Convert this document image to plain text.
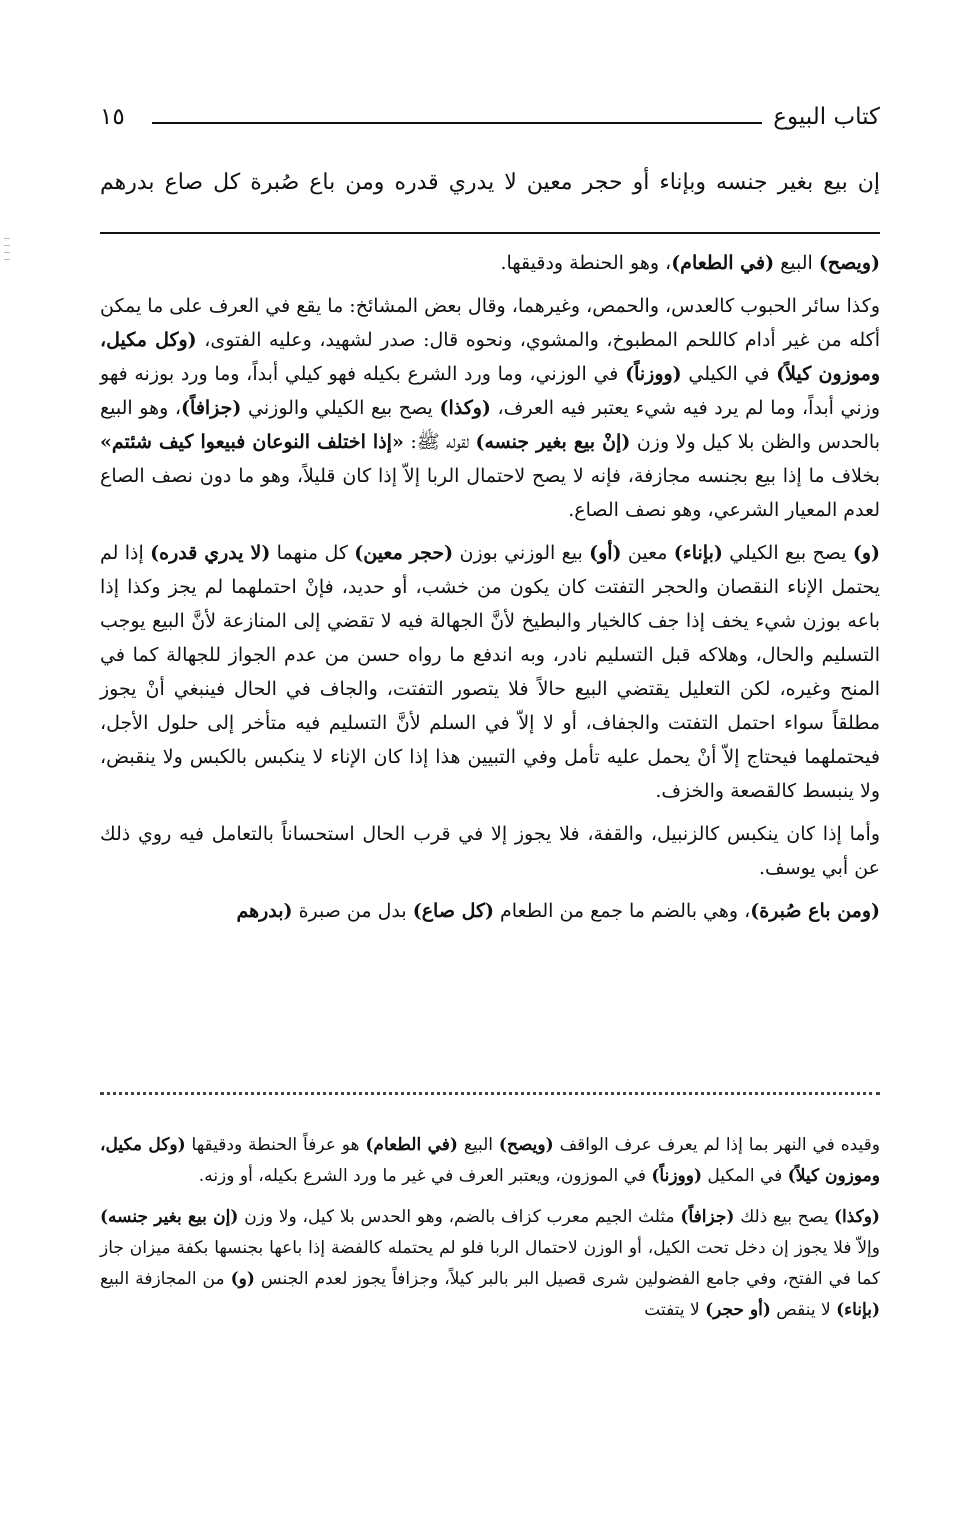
كتاب البيوع
١٥
إن بيع بغير جنسه وبإناء أو حجر معين لا يدري قدره ومن باع صُبرة كل صاع بدرهم

(ويصح) البيع (في الطعام)، وهو الحنطة ودقيقها.

وكذا سائر الحبوب كالعدس، والحمص، وغيرهما، وقال بعض المشائخ: ما يقع في العرف على ما يمكن أكله من غير أدام كاللحم المطبوخ، والمشوي، ونحوه قال: صدر لشهيد، وعليه الفتوى، (وكل مكيل، وموزون كيلاً) في الكيلي (ووزناً) في الوزني، وما ورد الشرع بكيله فهو كيلي أبداً، وما ورد بوزنه فهو وزني أبداً، وما لم يرد فيه شيء يعتبر فيه العرف، (وكذا) يصح بيع الكيلي والوزني (جزافاً)، وهو البيع بالحدس والظن بلا كيل ولا وزن (إنْ بيع بغير جنسه) لقوله ﷺ: «إذا اختلف النوعان فبيعوا كيف شئتم» بخلاف ما إذا بيع بجنسه مجازفة، فإنه لا يصح لاحتمال الربا إلاّ إذا كان قليلاً، وهو ما دون نصف الصاع لعدم المعيار الشرعي، وهو نصف الصاع.

(و) يصح بيع الكيلي (بإناء) معين (أو) بيع الوزني بوزن (حجر معين) كل منهما (لا يدري قدره) إذا لم يحتمل الإناء النقصان والحجر التفتت كان يكون من خشب، أو حديد، فإنْ احتملهما لم يجز وكذا إذا باعه بوزن شيء يخف إذا جف كالخيار والبطيخ لأنَّ الجهالة فيه لا تقضي إلى المنازعة لأنَّ البيع يوجب التسليم والحال، وهلاكه قبل التسليم نادر، وبه اندفع ما رواه حسن من عدم الجواز للجهالة كما في المنح وغيره، لكن التعليل يقتضي البيع حالاً فلا يتصور التفتت، والجاف في الحال فينبغي أنْ يجوز مطلقاً سواء احتمل التفتت والجفاف، أو لا إلاّ في السلم لأنَّ التسليم فيه متأخر إلى حلول الأجل، فيحتملهما فيحتاج إلاّ أنْ يحمل عليه تأمل وفي التبيين هذا إذا كان الإناء لا ينكبس بالكبس ولا ينقبض، ولا ينبسط كالقصعة والخزف.

وأما إذا كان ينكبس كالزنبيل، والقفة، فلا يجوز إلا في قرب الحال استحساناً بالتعامل فيه روي ذلك عن أبي يوسف.

(ومن باع صُبرة)، وهي بالضم ما جمع من الطعام (كل صاع) بدل من صبرة (بدرهم

وقيده في النهر بما إذا لم يعرف عرف الواقف (ويصح) البيع (في الطعام) هو عرفاً الحنطة ودقيقها (وكل مكيل، وموزون كيلاً) في المكيل (ووزناً) في الموزون، ويعتبر العرف في غير ما ورد الشرع بكيله، أو وزنه.

(وكذا) يصح بيع ذلك (جزافاً) مثلث الجيم معرب كزاف بالضم، وهو الحدس بلا كيل، ولا وزن (إن بيع بغير جنسه) وإلاّ فلا يجوز إن دخل تحت الكيل، أو الوزن لاحتمال الربا فلو لم يحتمله كالفضة إذا باعها بجنسها بكفة ميزان جاز كما في الفتح، وفي جامع الفضولين شرى قصيل البر بالبر كيلاً، وجزافاً يجوز لعدم الجنس (و) من المجازفة البيع (بإناء) لا ينقص (أو حجر) لا يتفتت
